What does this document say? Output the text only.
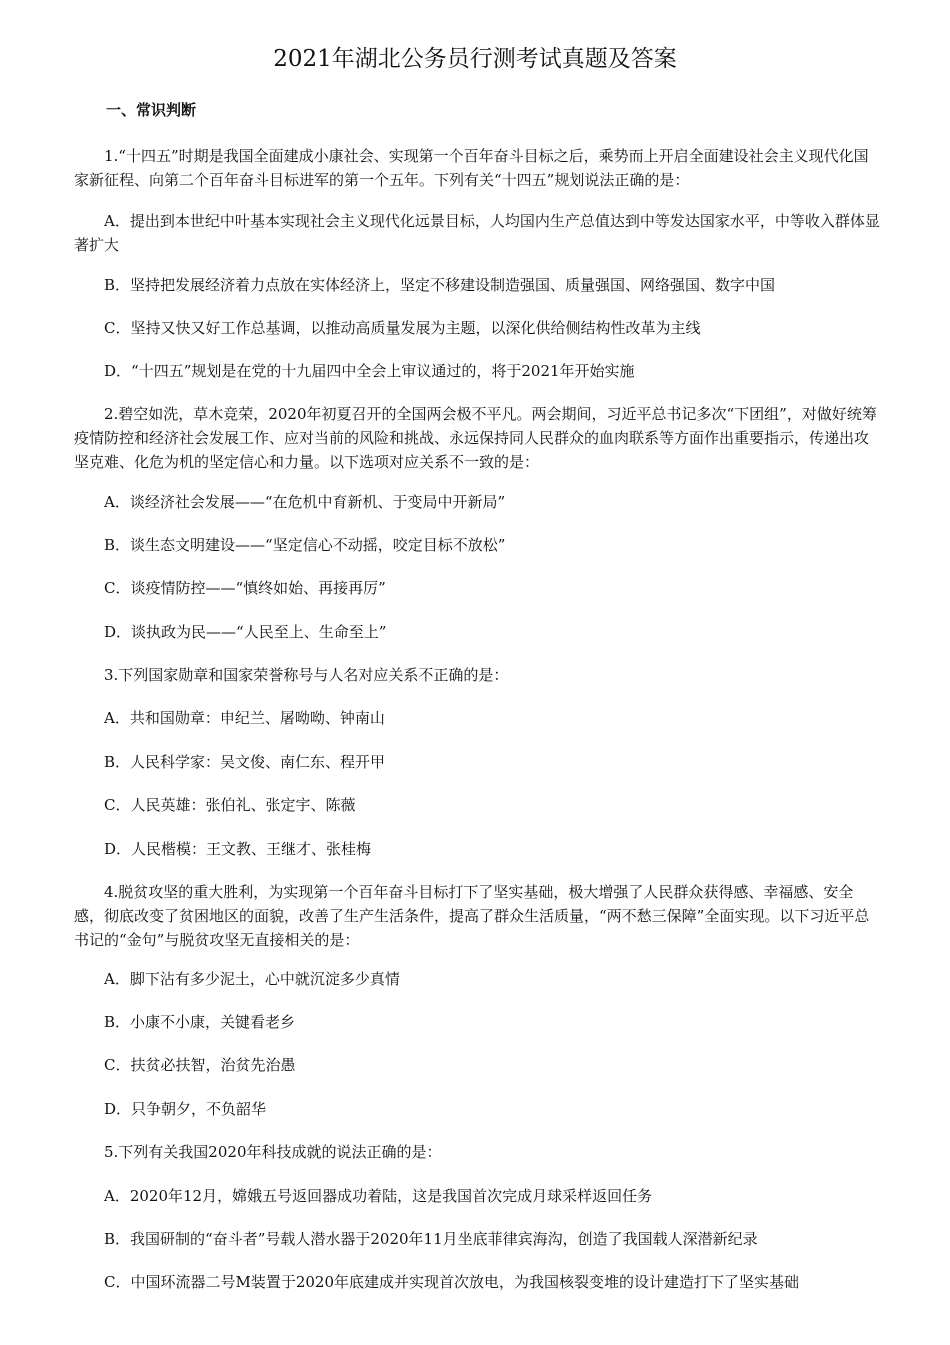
2021年湖北公务员行测考试真题及答案
一、常识判断
1.“十四五”时期是我国全面建成小康社会、实现第一个百年奋斗目标之后，乘势而上开启全面建设社会主义现代化国家新征程、向第二个百年奋斗目标进军的第一个五年。下列有关“十四五”规划说法正确的是：
A．提出到本世纪中叶基本实现社会主义现代化远景目标，人均国内生产总值达到中等发达国家水平，中等收入群体显著扩大
B．坚持把发展经济着力点放在实体经济上，坚定不移建设制造强国、质量强国、网络强国、数字中国
C．坚持又快又好工作总基调，以推动高质量发展为主题，以深化供给侧结构性改革为主线
D．“十四五”规划是在党的十九届四中全会上审议通过的，将于2021年开始实施
2.碧空如洗，草木竞荣，2020年初夏召开的全国两会极不平凡。两会期间，习近平总书记多次“下团组”，对做好统筹疫情防控和经济社会发展工作、应对当前的风险和挑战、永远保持同人民群众的血肉联系等方面作出重要指示，传递出攻坚克难、化危为机的坚定信心和力量。以下选项对应关系不一致的是：
A．谈经济社会发展——“在危机中育新机、于变局中开新局”
B．谈生态文明建设——“坚定信心不动摇，咬定目标不放松”
C．谈疫情防控——“慎终如始、再接再厉”
D．谈执政为民——“人民至上、生命至上”
3.下列国家勋章和国家荣誉称号与人名对应关系不正确的是：
A．共和国勋章：申纪兰、屠呦呦、钟南山
B．人民科学家：吴文俊、南仁东、程开甲
C．人民英雄：张伯礼、张定宇、陈薇
D．人民楷模：王文教、王继才、张桂梅
4.脱贫攻坚的重大胜利，为实现第一个百年奋斗目标打下了坚实基础，极大增强了人民群众获得感、幸福感、安全感，彻底改变了贫困地区的面貌，改善了生产生活条件，提高了群众生活质量，“两不愁三保障”全面实现。以下习近平总书记的“金句”与脱贫攻坚无直接相关的是：
A．脚下沾有多少泥土，心中就沉淀多少真情
B．小康不小康，关键看老乡
C．扶贫必扶智，治贫先治愚
D．只争朝夕，不负韶华
5.下列有关我国2020年科技成就的说法正确的是：
A．2020年12月，嫦娥五号返回器成功着陆，这是我国首次完成月球采样返回任务
B．我国研制的“奋斗者”号载人潜水器于2020年11月坐底菲律宾海沟，创造了我国载人深潜新纪录
C．中国环流器二号M装置于2020年底建成并实现首次放电，为我国核裂变堆的设计建造打下了坚实基础
